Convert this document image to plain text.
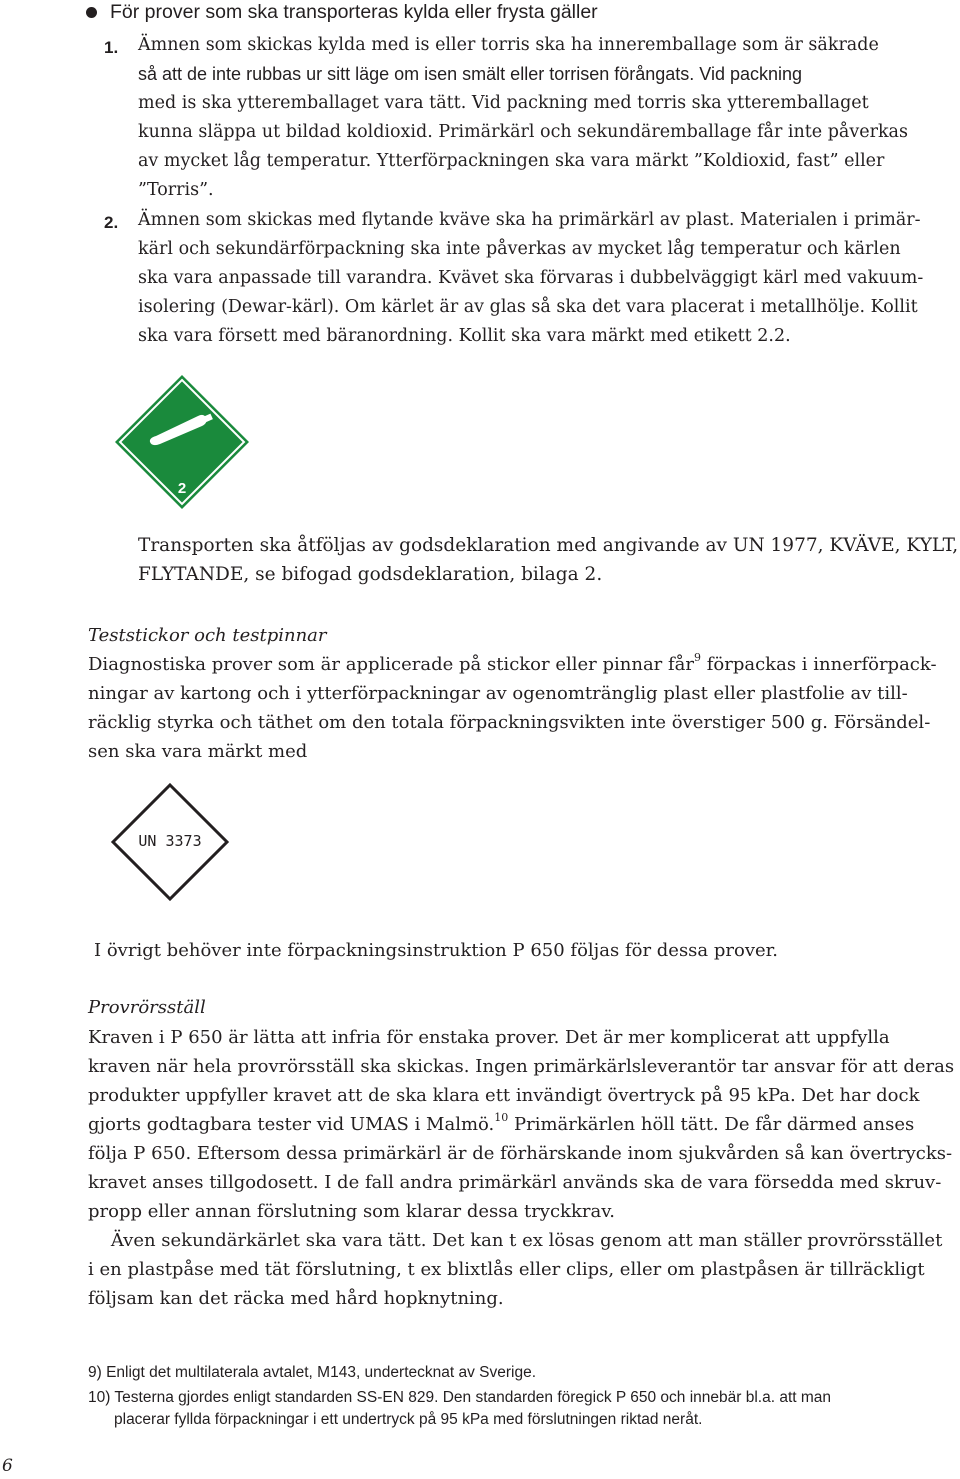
För prover som ska transporteras kylda eller frysta gäller
1.	Ämnen som skickas kylda med is eller torris ska ha inneremballage som är säkrade
så att de inte rubbas ur sitt läge om isen smält eller torrisen förångats. Vid packning
med is ska ytteremballaget vara tätt. Vid packning med torris ska ytteremballaget
kunna släppa ut bildad koldioxid. Primärkärl och sekundäremballage får inte påverkas
av mycket låg temperatur. Ytterförpackningen ska vara märkt ”Koldioxid, fast” eller
”Torris”.
2.	Ämnen som skickas med flytande kväve ska ha primärkärl av plast. Materialen i primär-
kärl och sekundärförpackning ska inte påverkas av mycket låg temperatur och kärlen
ska vara anpassade till varandra. Kvävet ska förvaras i dubbelväggigt kärl med vakuum-
isolering (Dewar-kärl). Om kärlet är av glas så ska det vara placerat i metallhölje. Kollit
ska vara försett med bäranordning. Kollit ska vara märkt med etikett 2.2.
2
Transporten ska åtföljas av godsdeklaration med angivande av UN 1977, KVÄVE, KYLT,
FLYTANDE, se bifogad godsdeklaration, bilaga 2.
Teststickor och testpinnar
Diagnostiska prover som är applicerade på stickor eller pinnar får$^9$ förpackas i innerförpack-
ningar av kartong och i ytterförpackningar av ogenomtränglig plast eller plastfolie av till-
räcklig styrka och täthet om den totala förpackningsvikten inte överstiger 500 g. Försändel-
sen ska vara märkt med
UN 3373
I övrigt behöver inte förpackningsinstruktion P 650 följas för dessa prover.
Provrörsställ
Kraven i P 650 är lätta att infria för enstaka prover. Det är mer komplicerat att uppfylla
kraven när hela provrörsställ ska skickas. Ingen primärkärlsleverantör tar ansvar för att deras
produkter uppfyller kravet att de ska klara ett invändigt övertryck på 95 kPa. Det har dock
gjorts godtagbara tester vid UMAS i Malmö.$^{10}$ Primärkärlen höll tätt. De får därmed anses
följa P 650. Eftersom dessa primärkärl är de förhärskande inom sjukvården så kan övertrycks-
kravet anses tillgodosett. I de fall andra primärkärl används ska de vara försedda med skruv-
propp eller annan förslutning som klarar dessa tryckkrav.
Även sekundärkärlet ska vara tätt. Det kan t ex lösas genom att man ställer provrörsstället
i en plastpåse med tät förslutning, t ex blixtlås eller clips, eller om plastpåsen är tillräckligt
följsam kan det räcka med hård hopknytning.
9) Enligt det multilaterala avtalet, M143, undertecknat av Sverige.
10) Testerna gjordes enligt standarden SS-EN 829. Den standarden föregick P 650 och innebär bl.a. att man
placerar fyllda förpackningar i ett undertryck på 95 kPa med förslutningen riktad neråt.
6
